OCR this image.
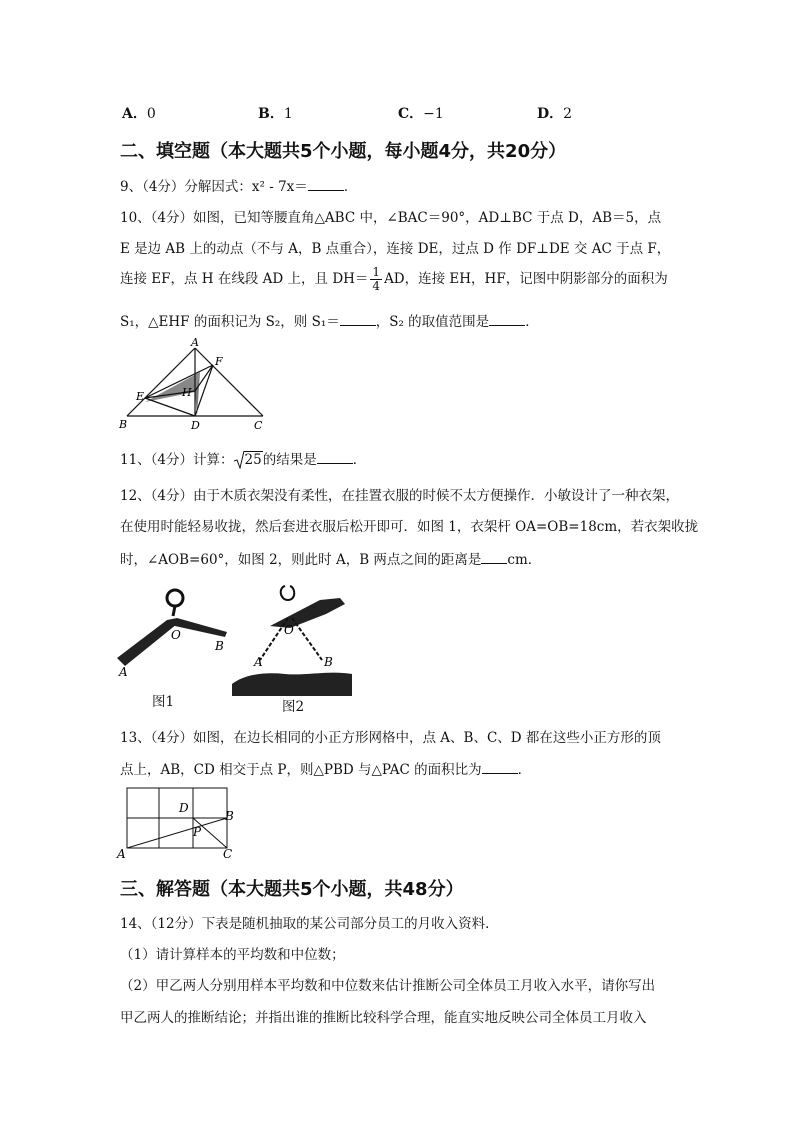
A．0	B．1	C．−1	D．2
二、填空题（本大题共5个小题，每小题4分，共20分）
9、（4分）分解因式：x² - 7x＝	．
10、（4分）如图，已知等腰直角△ABC 中，∠BAC＝90°，AD⊥BC 于点 D，AB＝5，点
E 是边 AB 上的动点（不与 A，B 点重合），连接 DE，过点 D 作 DF⊥DE 交 AC 于点 F，
连接 EF，点 H 在线段 AD 上，且 $DH= \frac{1}{4}$ AD，连接 EH，HF，记图中阴影部分的面积为
S₁，△EHF 的面积记为 S₂，则 S₁＝	，S₂ 的取值范围是	．
A
F
H
E
B	D	C
11、（4分）计算： 25的结果是	．
12、（4分）由于木质衣架没有柔性，在挂置衣服的时候不太方便操作．小敏设计了一种衣架，
在使用时能轻易收拢，然后套进衣服后松开即可．如图 1，衣架杆 OA=OB=18cm，若衣架收拢
时，∠AOB=60°，如图 2，则此时 A，B 两点之间的距离是 cm．
O
B
A
图1
O
A	B
图2
13、（4分）如图，在边长相同的小正方形网格中，点 A、B、C、D 都在这些小正方形的顶
点上，AB，CD 相交于点 P，则△PBD 与△PAC 的面积比为	．
D
B
P
A	C
三、解答题（本大题共5个小题，共48分）
14、（12分）下表是随机抽取的某公司部分员工的月收入资料．
（1）请计算样本的平均数和中位数；
（2）甲乙两人分别用样本平均数和中位数来估计推断公司全体员工月收入水平，请你写出
甲乙两人的推断结论；并指出谁的推断比较科学合理，能直实地反映公司全体员工月收入
